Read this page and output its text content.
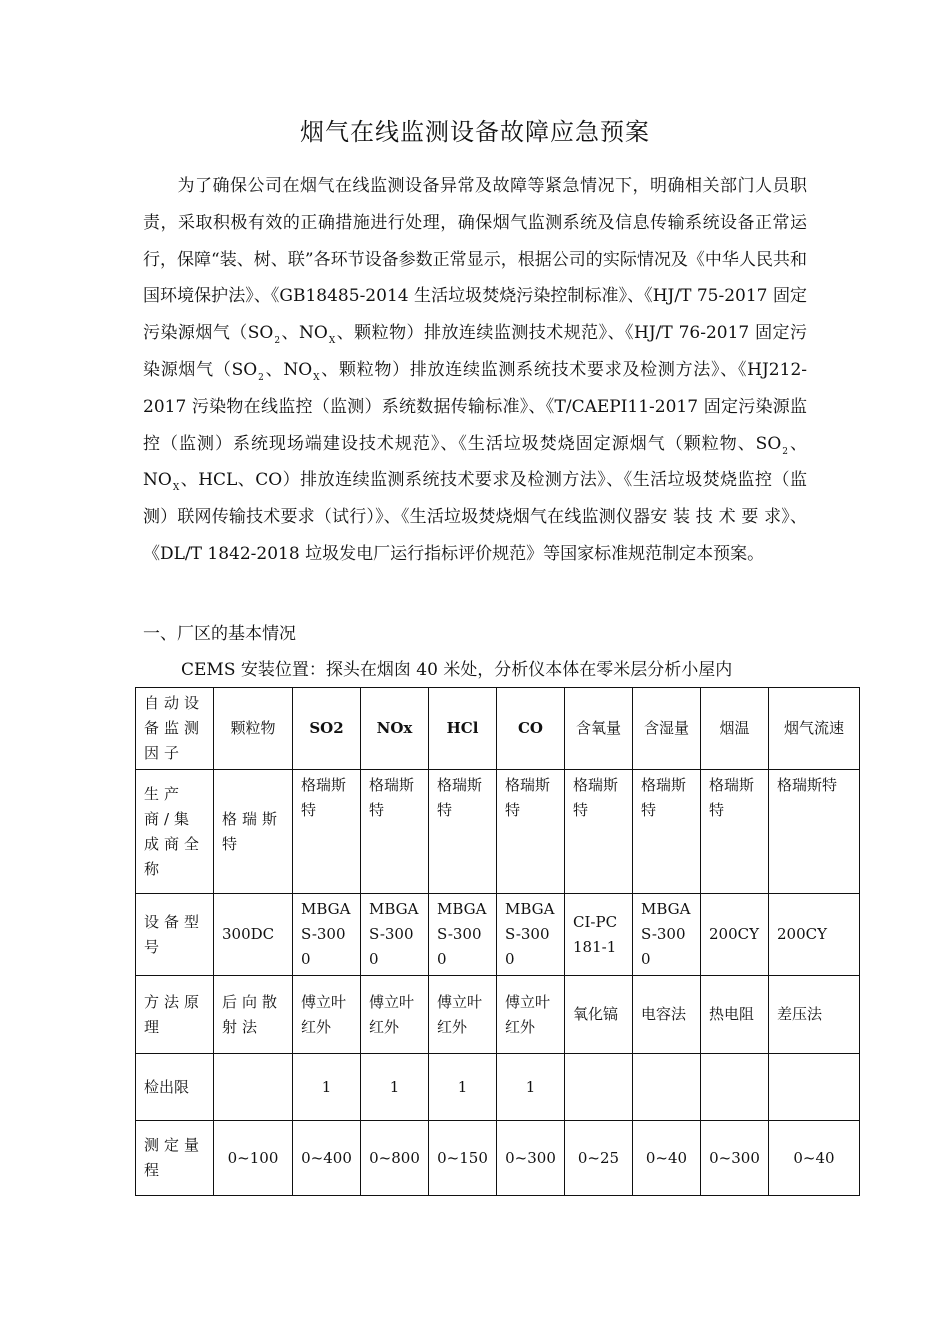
烟气在线监测设备故障应急预案
为了确保公司在烟气在线监测设备异常及故障等紧急情况下，明确相关部门人员职责，采取积极有效的正确措施进行处理，确保烟气监测系统及信息传输系统设备正常运行，保障“装、树、联”各环节设备参数正常显示，根据公司的实际情况及《中华人民共和国环境保护法》、《GB18485-2014 生活垃圾焚烧污染控制标准》、《HJ/T 75-2017 固定污染源烟气（$SO_2$、$NO_X$、颗粒物）排放连续监测技术规范》、《HJ/T 76-2017 固定污染源烟气（$SO_2$、$NO_X$、颗粒物）排放连续监测系统技术要求及检测方法》、《HJ212-2017 污染物在线监控（监测）系统数据传输标准》、《T/CAEPI11-2017 固定污染源监控（监测）系统现场端建设技术规范》、《生活垃圾焚烧固定源烟气（颗粒物、$SO_2$、$NO_X$、HCL、CO）排放连续监测系统技术要求及检测方法》、《生活垃圾焚烧监控（监测）联网传输技术要求（试行）》、《生活垃圾焚烧烟气在线监测仪器安 装 技 术 要 求》、《DL/T 1842-2018 垃圾发电厂运行指标评价规范》等国家标准规范制定本预案。
一、厂区的基本情况
CEMS 安装位置：探头在烟囱 40 米处，分析仪本体在零米层分析小屋内
自动设备监测因子	颗粒物	SO2	NOx	HCl	CO	含氧量	含湿量	烟温	烟气流速
生产商/集成商全称	格瑞斯特	格瑞斯特	格瑞斯特	格瑞斯特	格瑞斯特	格瑞斯特	格瑞斯特	格瑞斯特	格瑞斯特
设备型号	300DC	MBGAS-3000	MBGAS-3000	MBGAS-3000	MBGAS-3000	CI-PC181-1	MBGAS-3000	200CY	200CY
方法原理	后向散射法	傅立叶红外	傅立叶红外	傅立叶红外	傅立叶红外	氧化镐	电容法	热电阻	差压法
检出限		1	1	1	1				
测定量程	0~100	0~400	0~800	0~150	0~300	0~25	0~40	0~300	0~40
